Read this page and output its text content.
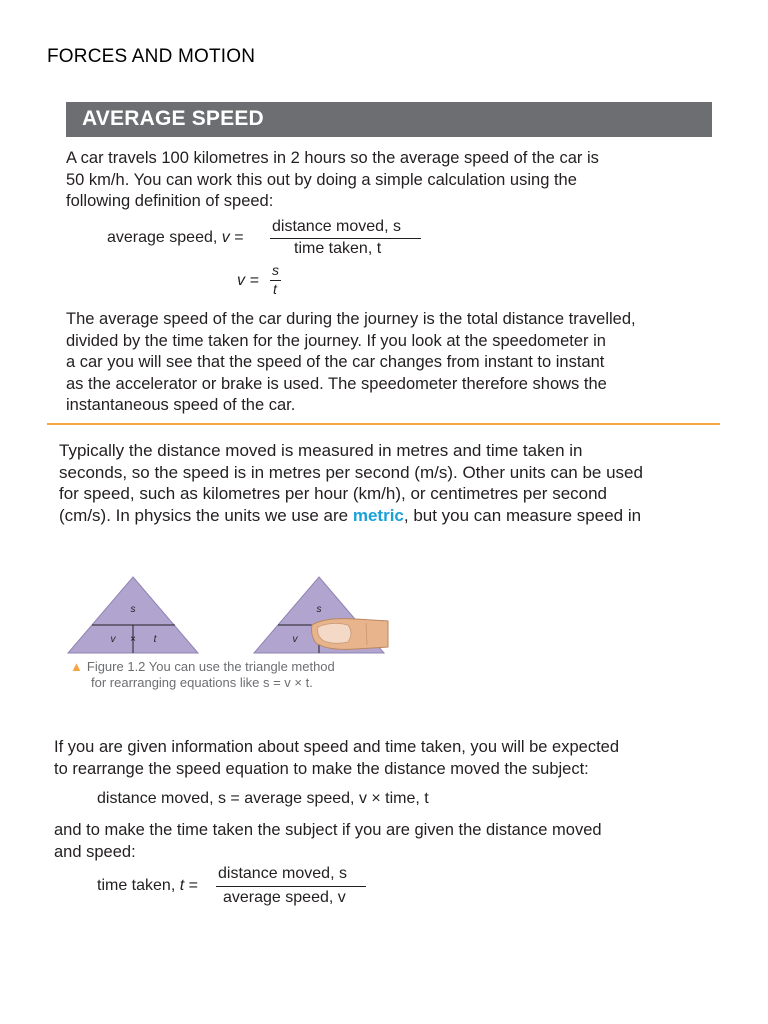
FORCES AND MOTION
AVERAGE SPEED
A car travels 100 kilometres in 2 hours so the average speed of the car is
50 km/h. You can work this out by doing a simple calculation using the
following definition of speed:
average speed, v =
distance moved, s
time taken, t
v =
s
t
The average speed of the car during the journey is the total distance travelled,
divided by the time taken for the journey. If you look at the speedometer in
a car you will see that the speed of the car changes from instant to instant
as the accelerator or brake is used. The speedometer therefore shows the
instantaneous speed of the car.
Typically the distance moved is measured in metres and time taken in
seconds, so the speed is in metres per second (m/s). Other units can be used
for speed, such as kilometres per hour (km/h), or centimetres per second
(cm/s). In physics the units we use are metric, but you can measure speed in
s
v × t
s
v
▲ Figure 1.2 You can use the triangle method
for rearranging equations like s = v × t.
If you are given information about speed and time taken, you will be expected
to rearrange the speed equation to make the distance moved the subject:
distance moved, s = average speed, v × time, t
and to make the time taken the subject if you are given the distance moved
and speed:
time taken, t =
distance moved, s
average speed, v
